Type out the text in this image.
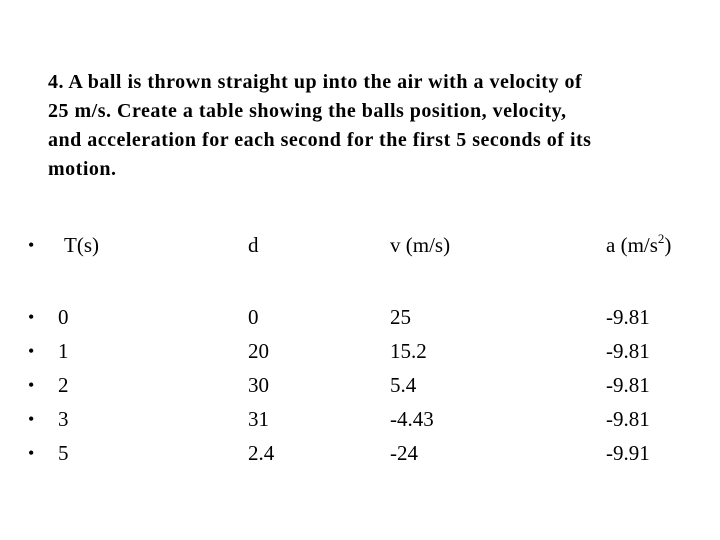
4. A ball is thrown straight up into the air with a velocity of
25 m/s. Create a table showing the balls position, velocity,
and acceleration for each second for the first 5 seconds of its
motion.
• T(s)	d	v (m/s)	a $(m/s^2)$
• 0	0	25	-9.81
• 1	20	15.2	-9.81
• 2	30	5.4	-9.81
• 3	31	-4.43	-9.81
• 5	2.4	-24	-9.91
